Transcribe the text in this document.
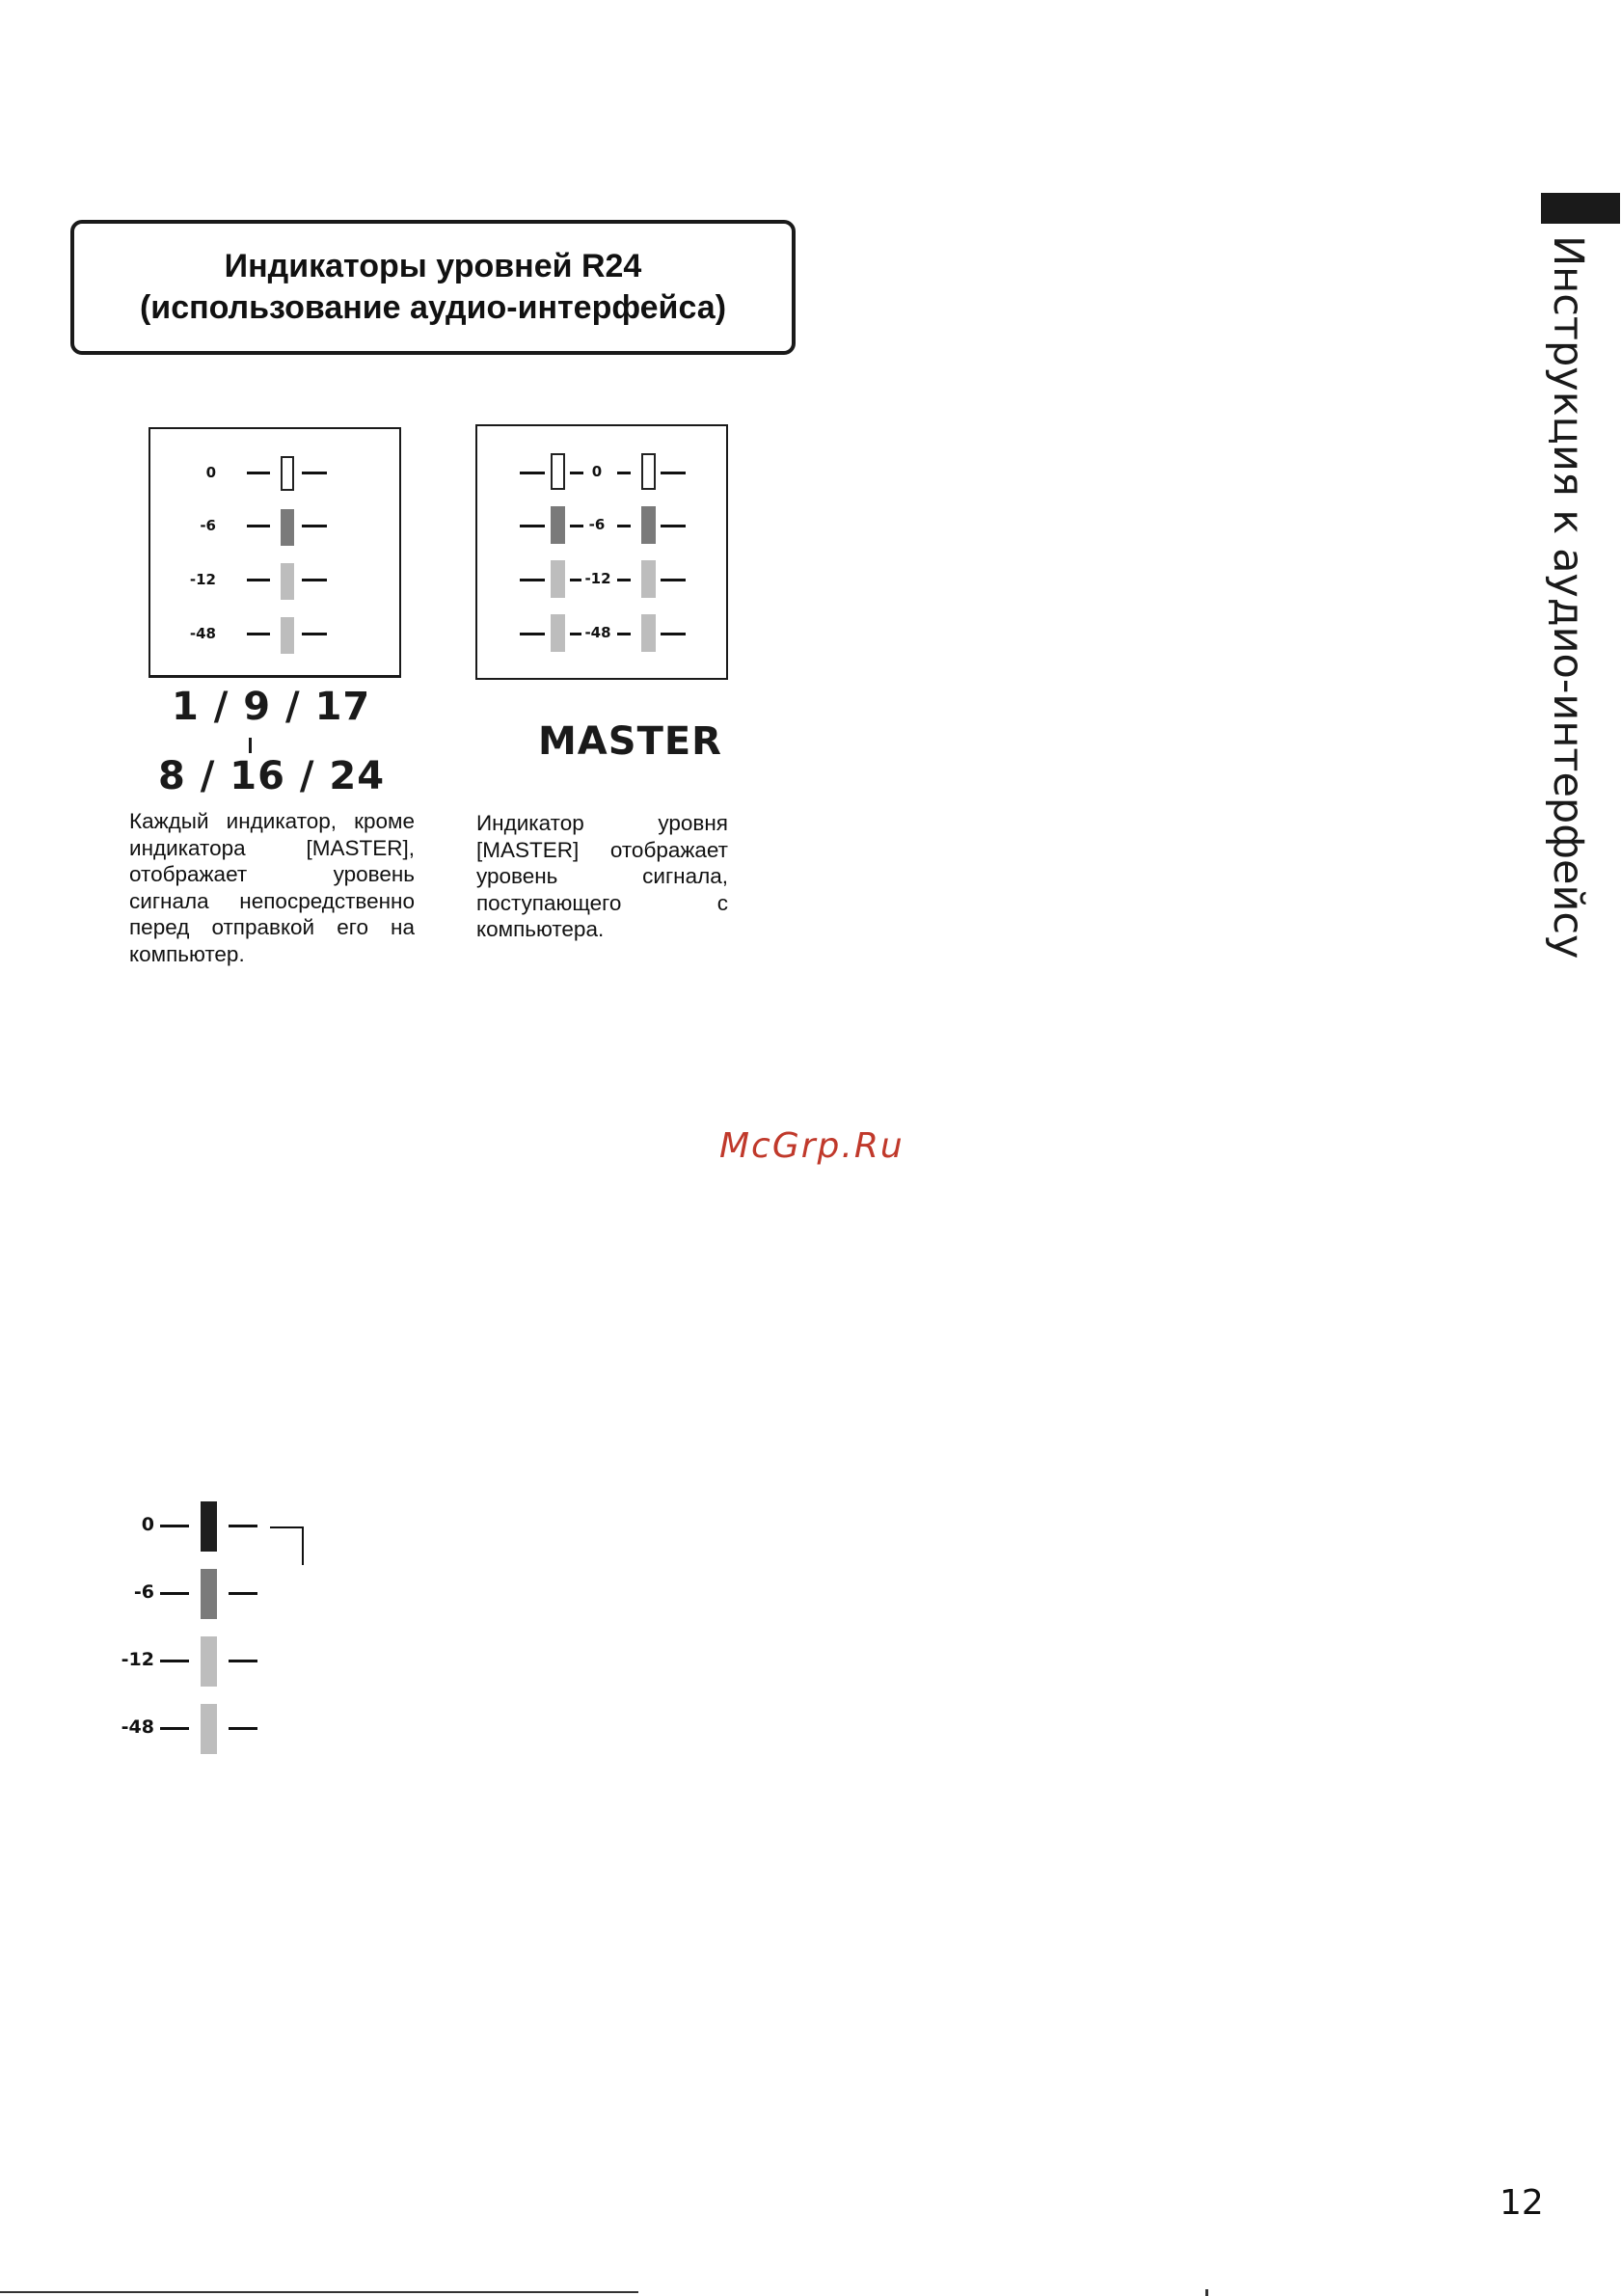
Индикаторы уровней R24
(использование аудио-интерфейса)	Инструкция к аудио-интерфейсу
0
-6
-12
-48
1 / 9 / 17
8 / 16 / 24
Каждый индикатор, кроме индикатора [MASTER], отображает уровень сигнала непосредственно перед отправкой его на компьютер.
0
-6
-12
-48
MASTER
Индикатор уровня [MASTER] отображает уровень сигнала, поступающего с компьютера.
McGrp.Ru
0
-6
-12
-48
12
